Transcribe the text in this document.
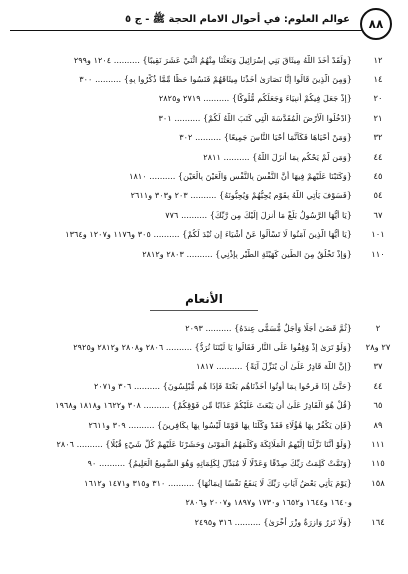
٨٨
عوالم العلوم: في أحوال الامام الحجة ﷺ - ج ٥
١٢
{وَلَقَدْ أَخَذَ اللَّهُ مِيثَاقَ بَنِي إِسْرَائِيلَ وَبَعَثْنَا مِنْهُمُ اثْنَيْ عَشَرَ نَقِيبًا} .......... ١٢٠٤ و٢٩٩
١٤
{وَمِنَ الَّذِينَ قَالُوا إِنَّا نَصَارَىٰ أَخَذْنَا مِيثَاقَهُمْ فَنَسُوا حَظًّا مِّمَّا ذُكِّرُوا بِهِ} .......... ٣٠٠
٢٠
{إِذْ جَعَلَ فِيكُمْ أَنبِيَاءَ وَجَعَلَكُم مُّلُوكًا} .......... ٢٧١٩ و٢٨٢٥
٢١
{ادْخُلُوا الْأَرْضَ الْمُقَدَّسَةَ الَّتِي كَتَبَ اللَّهُ لَكُمْ} .......... ٣٠١
٣٢
{وَمَنْ أَحْيَاهَا فَكَأَنَّمَا أَحْيَا النَّاسَ جَمِيعًا} .......... ٣٠٢
٤٤
{وَمَن لَّمْ يَحْكُم بِمَا أَنزَلَ اللَّهُ} .......... ٢٨١١
٤٥
{وَكَتَبْنَا عَلَيْهِمْ فِيهَا أَنَّ النَّفْسَ بِالنَّفْسِ وَالْعَيْنَ بِالْعَيْنِ} .......... ١٨١٠
٥٤
{فَسَوْفَ يَأْتِي اللَّهُ بِقَوْمٍ يُحِبُّهُمْ وَيُحِبُّونَهُ} .......... ٢٠٣ و٣٠٣ و٢٦١١
٦٧
{يَا أَيُّهَا الرَّسُولُ بَلِّغْ مَا أُنزِلَ إِلَيْكَ مِن رَّبِّكَ} .......... ٧٧٦
١٠١
{يَا أَيُّهَا الَّذِينَ آمَنُوا لَا تَسْأَلُوا عَنْ أَشْيَاءَ إِن تُبْدَ لَكُمْ} .......... ٣٠٥ و١١٧٦ و١٢٠٧ و١٣٦٤
١١٠
{وَإِذْ تَخْلُقُ مِنَ الطِّينِ كَهَيْئَةِ الطَّيْرِ بِإِذْنِي} .......... ٢٨٠٣ و٢٨١٢
الأنعام
٢
{ثُمَّ قَضَىٰ أَجَلًا وَأَجَلٌ مُّسَمًّى عِندَهُ} .......... ٢٠٩٣
٢٧ و٢٨
{وَلَوْ تَرَىٰ إِذْ وُقِفُوا عَلَى النَّارِ فَقَالُوا يَا لَيْتَنَا نُرَدُّ} .......... ٢٨٠٦ و٢٨٠٨ و٢٨١٢ و٢٩٢٥
٣٧
{إِنَّ اللَّهَ قَادِرٌ عَلَىٰ أَن يُنَزِّلَ آيَةً} .......... ١٨١٧
٤٤
{حَتَّىٰ إِذَا فَرِحُوا بِمَا أُوتُوا أَخَذْنَاهُم بَغْتَةً فَإِذَا هُم مُّبْلِسُونَ} .......... ٣٠٦ و٢٠٧١
٦٥
{قُلْ هُوَ الْقَادِرُ عَلَىٰ أَن يَبْعَثَ عَلَيْكُمْ عَذَابًا مِّن فَوْقِكُمْ} .......... ٣٠٨ و١٦٢٢ و١٨١٨ و١٩٦٨
٨٩
{فَإِن يَكْفُرْ بِهَا هَٰؤُلَاءِ فَقَدْ وَكَّلْنَا بِهَا قَوْمًا لَّيْسُوا بِهَا بِكَافِرِينَ} .......... ٣٠٩ و٢٦١١
١١١
{وَلَوْ أَنَّنَا نَزَّلْنَا إِلَيْهِمُ الْمَلَائِكَةَ وَكَلَّمَهُمُ الْمَوْتَىٰ وَحَشَرْنَا عَلَيْهِمْ كُلَّ شَيْءٍ قُبُلًا} .......... ٢٨٠٦
١١٥
{وَتَمَّتْ كَلِمَتُ رَبِّكَ صِدْقًا وَعَدْلًا لَّا مُبَدِّلَ لِكَلِمَاتِهِ وَهُوَ السَّمِيعُ الْعَلِيمُ} .......... ٩٠
١٥٨
{يَوْمَ يَأْتِي بَعْضُ آيَاتِ رَبِّكَ لَا يَنفَعُ نَفْسًا إِيمَانُهَا} .......... ٣١٠ و٣١٥ و١٤٧١ و١٦١٢
و١٦٤٠ و١٦٤٤ و١٦٥٢ و١٧٣٠ و١٨٩٧ و٢٠٠٧ و٢٨٠٦
١٦٤
{وَلَا تَزِرُ وَازِرَةٌ وِزْرَ أُخْرَىٰ} .......... ٣١٦ و٢٤٩٥
